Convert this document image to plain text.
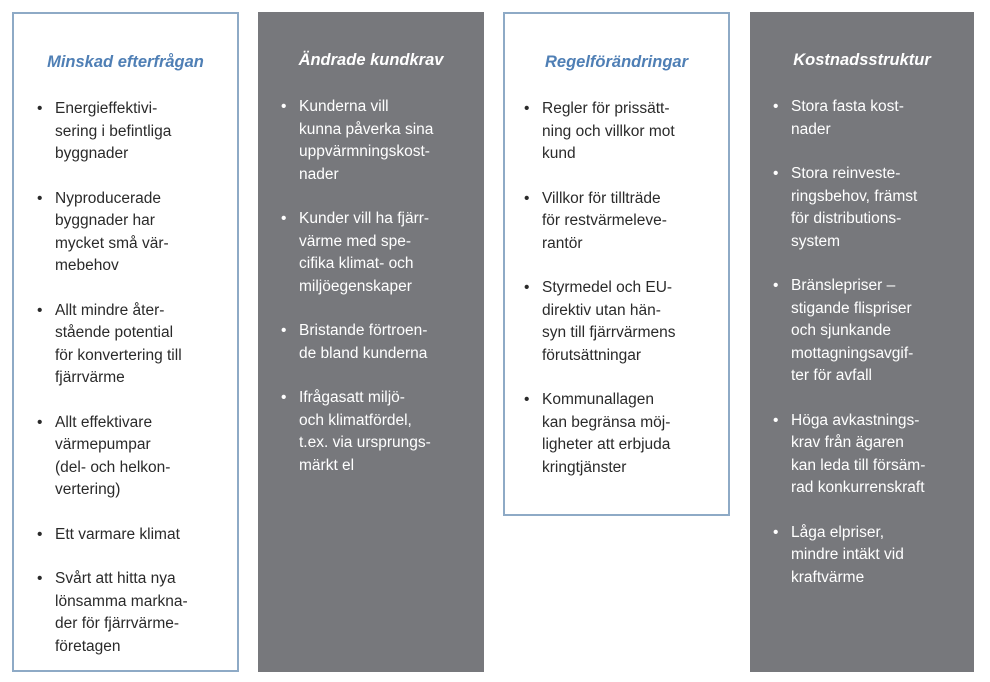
Minskad efterfrågan
• Energieffektivi-
sering i befintliga
byggnader
• Nyproducerade
byggnader har
mycket små vär-
mebehov
• Allt mindre åter-
stående potential
för konvertering till
fjärrvärme
• Allt effektivare
värmepumpar
(del- och helkon-
vertering)
• Ett varmare klimat
• Svårt att hitta nya
lönsamma markna-
der för fjärrvärme-
företagen
Ändrade kundkrav
• Kunderna vill
kunna påverka sina
uppvärmningskost-
nader
• Kunder vill ha fjärr-
värme med spe-
cifika klimat- och
miljöegenskaper
• Bristande förtroen-
de bland kunderna
• Ifrågasatt miljö-
och klimatfördel,
t.ex. via ursprungs-
märkt el
Regelförändringar
• Regler för prissätt-
ning och villkor mot
kund
• Villkor för tillträde
för restvärmeleve-
rantör
• Styrmedel och EU-
direktiv utan hän-
syn till fjärrvärmens
förutsättningar
• Kommunallagen
kan begränsa möj-
ligheter att erbjuda
kringtjänster
Kostnadsstruktur
• Stora fasta kost-
nader
• Stora reinveste-
ringsbehov, främst
för distributions-
system
• Bränslepriser –
stigande flispriser
och sjunkande
mottagningsavgif-
ter för avfall
• Höga avkastnings-
krav från ägaren
kan leda till försäm-
rad konkurrenskraft
• Låga elpriser,
mindre intäkt vid
kraftvärme
